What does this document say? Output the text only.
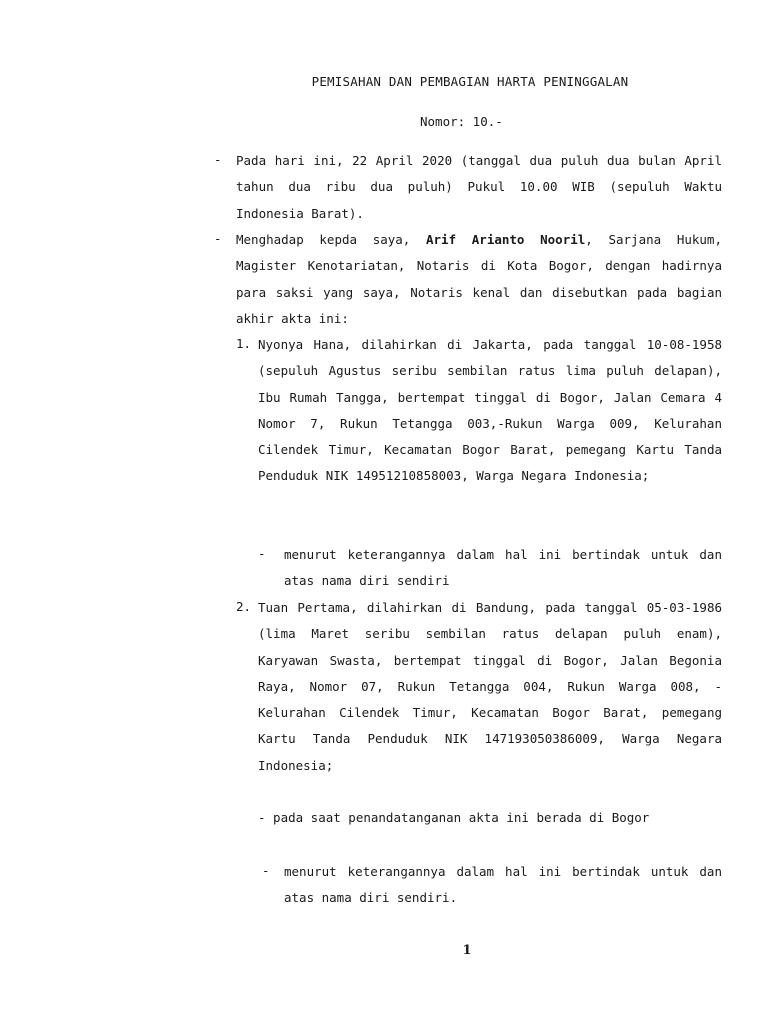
PEMISAHAN DAN PEMBAGIAN HARTA PENINGGALAN
Nomor: 10.-
- Pada hari ini, 22 April 2020 (tanggal dua puluh dua bulan April tahun dua ribu dua puluh) Pukul 10.00 WIB (sepuluh Waktu Indonesia Barat).

- Menghadap kepda saya, Arif Arianto Nooril, Sarjana Hukum, Magister Kenotariatan, Notaris di Kota Bogor, dengan hadirnya para saksi yang saya, Notaris kenal dan disebutkan pada bagian akhir akta ini:

1. Nyonya Hana, dilahirkan di Jakarta, pada tanggal 10-08-1958 (sepuluh Agustus seribu sembilan ratus lima puluh delapan), Ibu Rumah Tangga, bertempat tinggal di Bogor, Jalan Cemara 4 Nomor 7, Rukun Tetangga 003,-Rukun Warga 009, Kelurahan Cilendek Timur, Kecamatan Bogor Barat, pemegang Kartu Tanda Penduduk NIK 14951210858003, Warga Negara Indonesia;

- menurut keterangannya dalam hal ini bertindak untuk dan atas nama diri sendiri

2. Tuan Pertama, dilahirkan di Bandung, pada tanggal 05-03-1986 (lima Maret seribu sembilan ratus delapan puluh enam), Karyawan Swasta, bertempat tinggal di Bogor, Jalan Begonia Raya, Nomor 07, Rukun Tetangga 004, Rukun Warga 008, -Kelurahan Cilendek Timur, Kecamatan Bogor Barat, pemegang Kartu Tanda Penduduk NIK 147193050386009, Warga Negara Indonesia;

- pada saat penandatanganan akta ini berada di Bogor

- menurut keterangannya dalam hal ini bertindak untuk dan atas nama diri sendiri.

1
